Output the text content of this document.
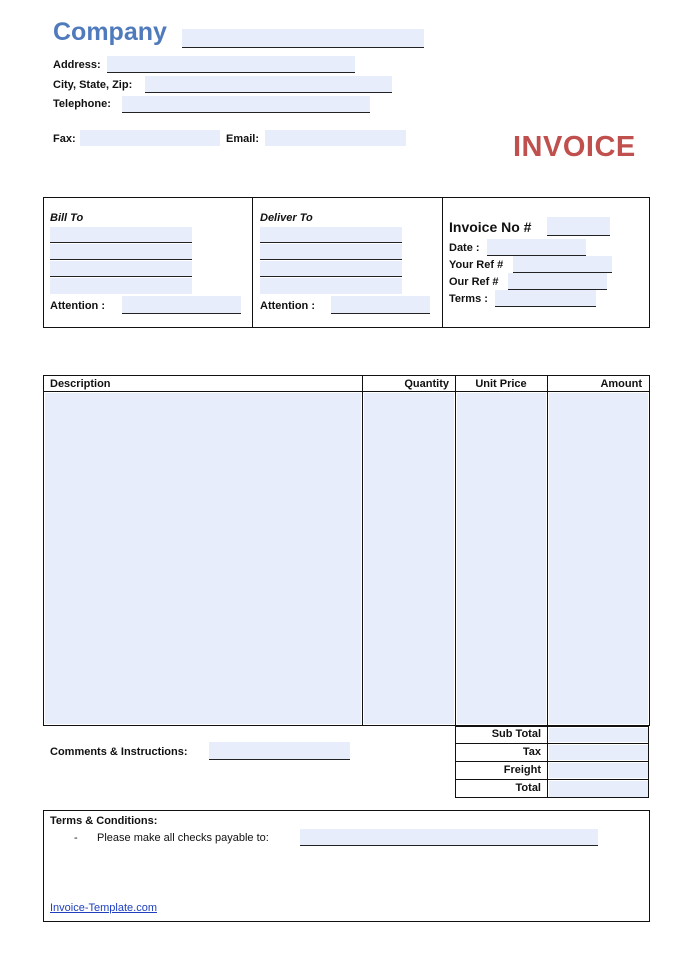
Company
Address:
City, State, Zip:
Telephone:
Fax:	Email:	INVOICE
Bill To
Attention :
Deliver To
Attention :
Invoice No #
Date :
Your Ref #
Our Ref #
Terms :
Description	Quantity	Unit Price	Amount
Sub Total
Tax
Freight
Total
Comments & Instructions:
Terms & Conditions:
- Please make all checks payable to:
Invoice-Template.com
